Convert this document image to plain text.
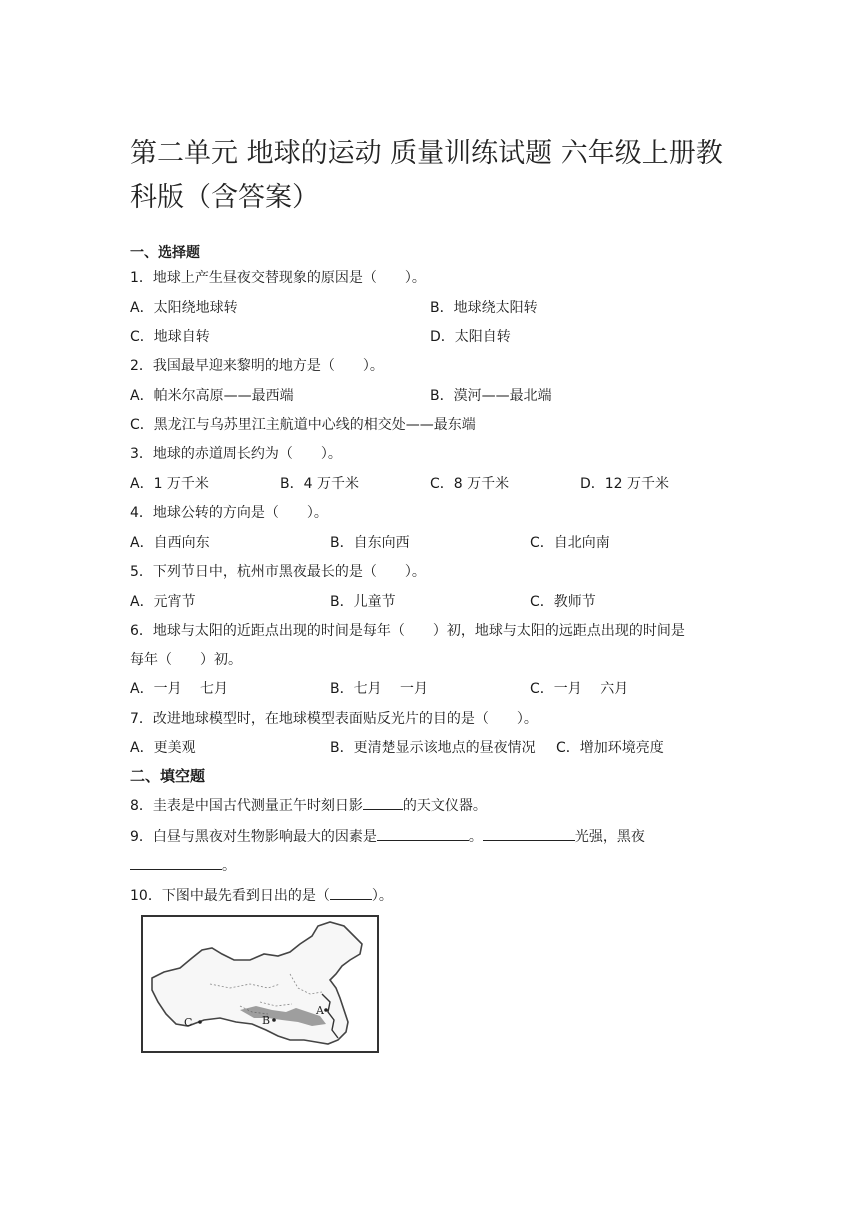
第二单元 地球的运动 质量训练试题 六年级上册教
科版（含答案）
一、选择题
1．地球上产生昼夜交替现象的原因是（　　）。
A．太阳绕地球转	B．地球绕太阳转
C．地球自转	D．太阳自转
2．我国最早迎来黎明的地方是（　　）。
A．帕米尔高原——最西端	B．漠河——最北端
C．黑龙江与乌苏里江主航道中心线的相交处——最东端
3．地球的赤道周长约为（　　）。
A．1 万千米	B．4 万千米	C．8 万千米	D．12 万千米
4．地球公转的方向是（　　）。
A．自西向东	B．自东向西	C．自北向南
5．下列节日中，杭州市黑夜最长的是（　　）。
A．元宵节	B．儿童节	C．教师节
6．地球与太阳的近距点出现的时间是每年（　　）初，地球与太阳的远距点出现的时间是
每年（　　）初。
A．一月　 七月	B．七月　 一月	C．一月　 六月
7．改进地球模型时，在地球模型表面贴反光片的目的是（　　）。
A．更美观	B．更清楚显示该地点的昼夜情况 C．增加环境亮度
二、填空题
8．圭表是中国古代测量正午时刻日影	的天文仪器。
9．白昼与黑夜对生物影响最大的因素是	。	光强，黑夜
。
10．下图中最先看到日出的是（	）。
C	B
A
